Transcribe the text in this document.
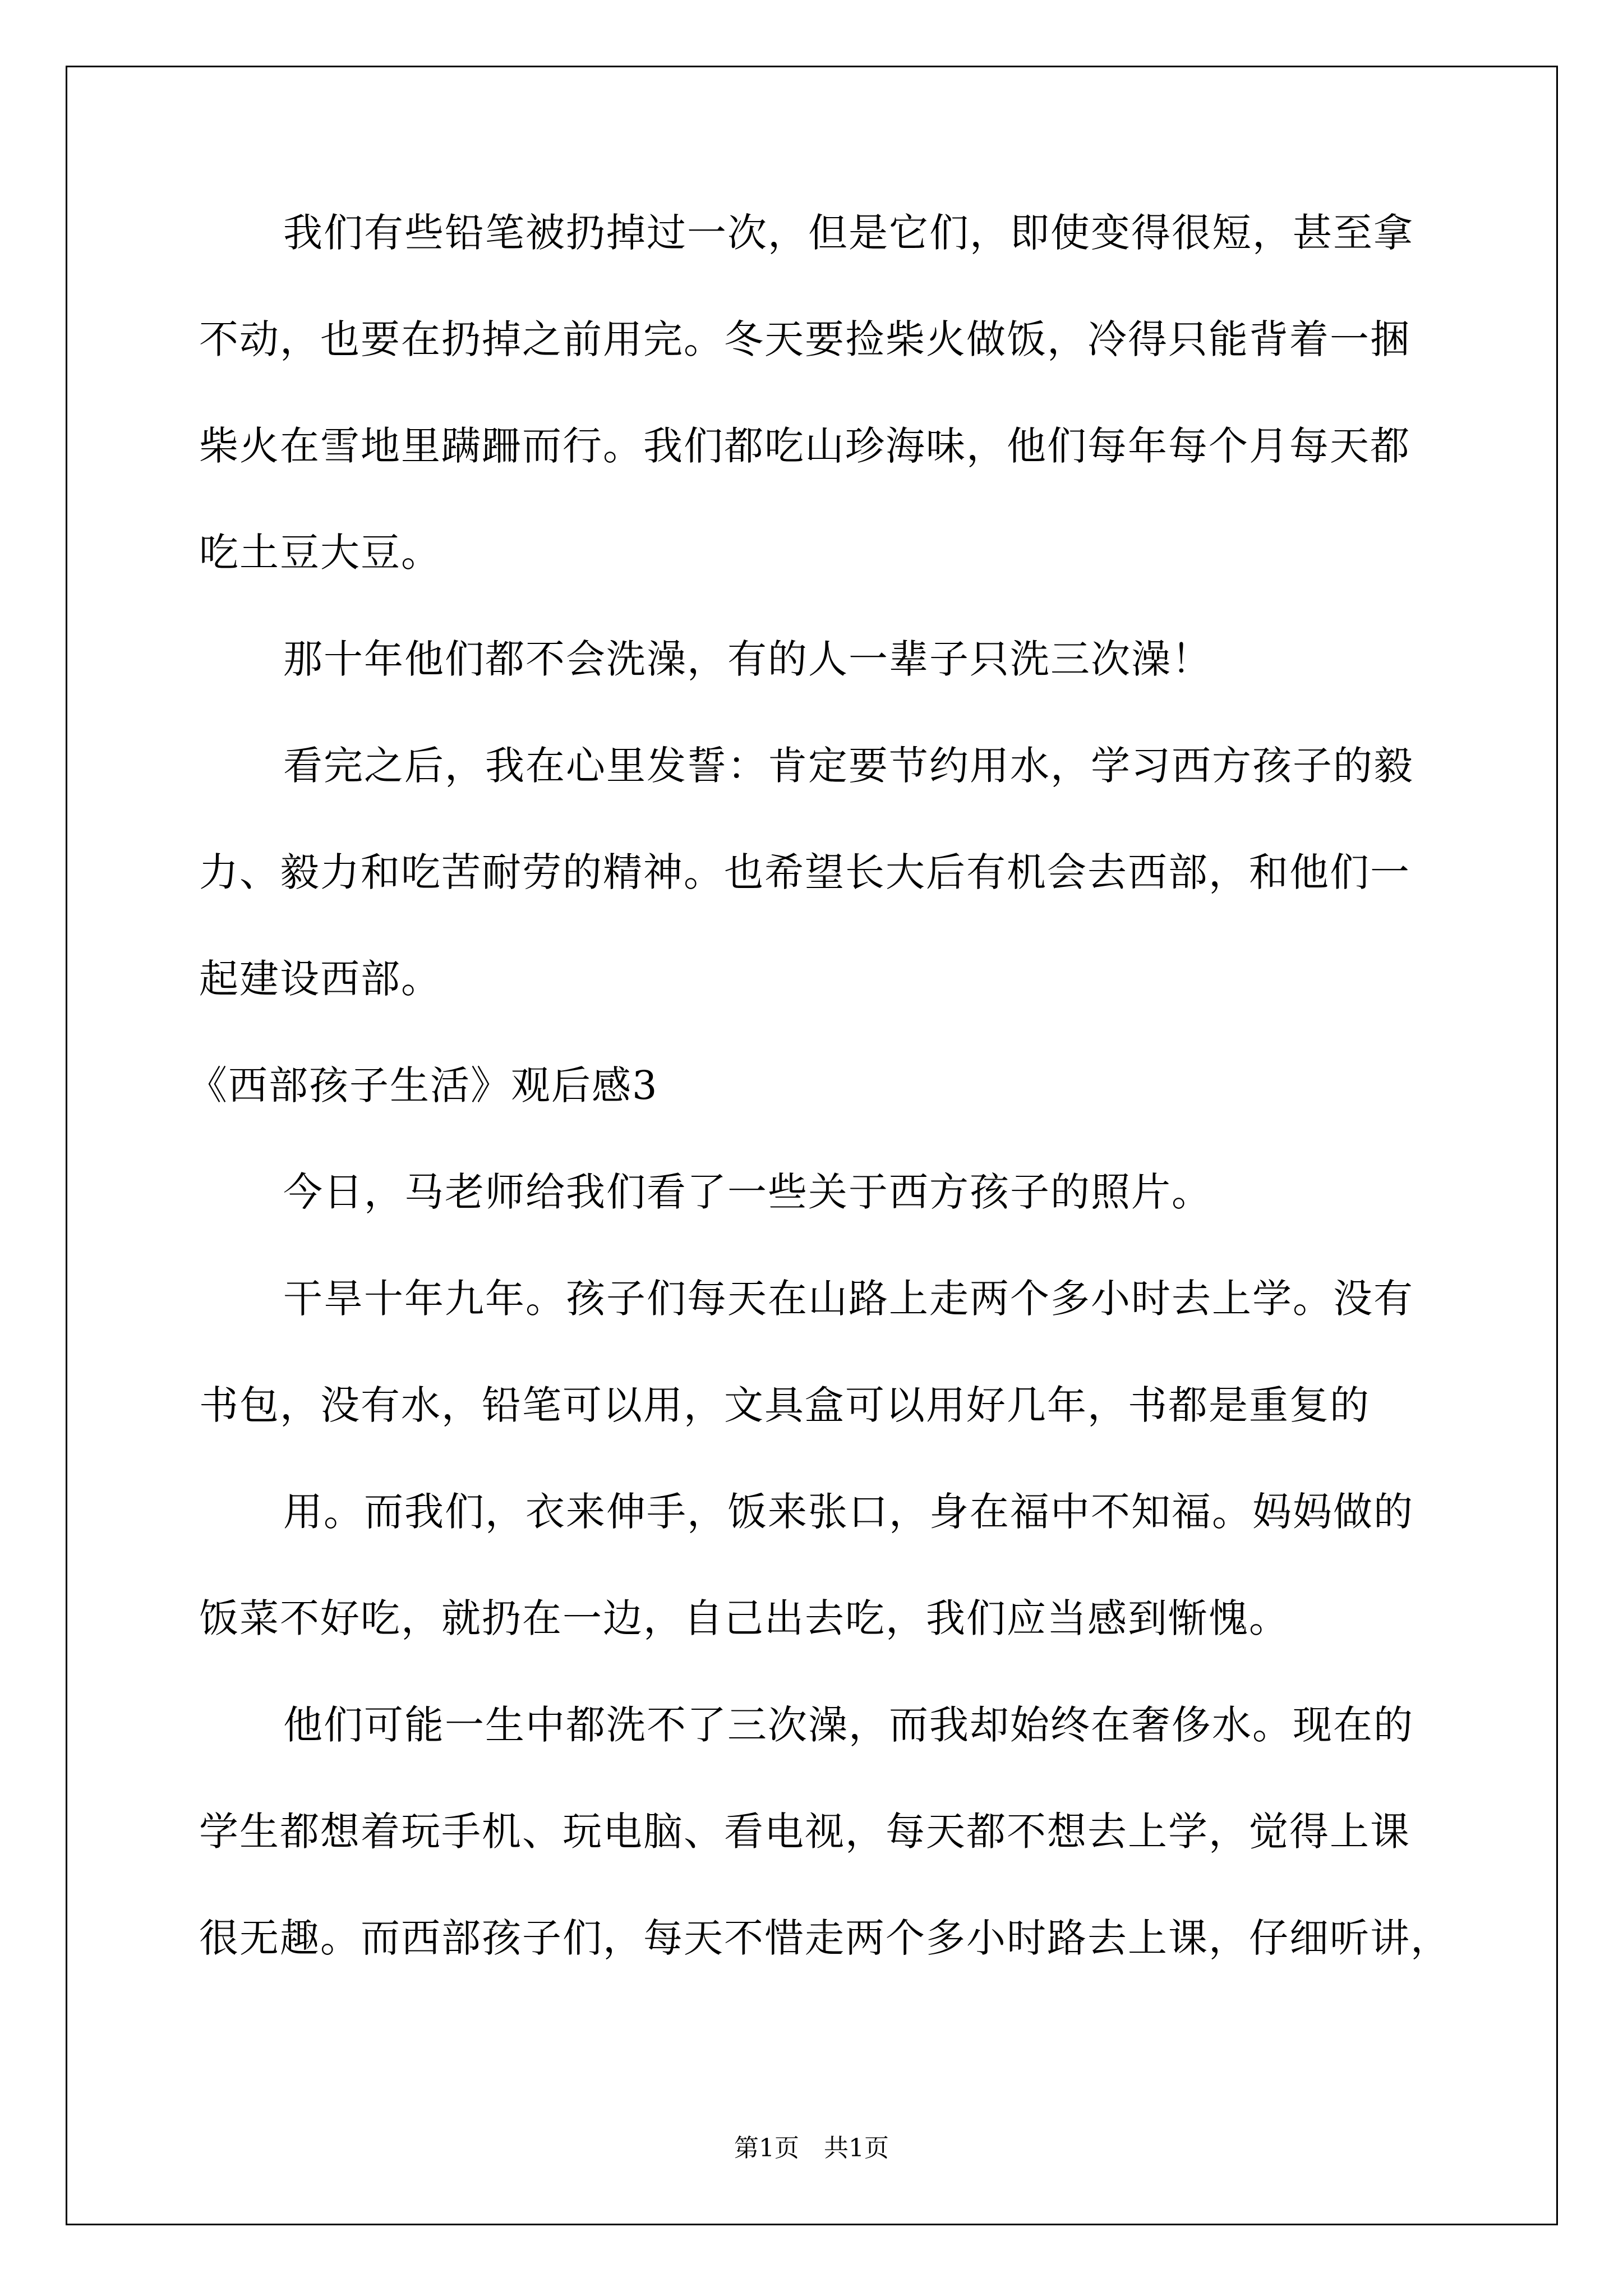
我们有些铅笔被扔掉过一次，但是它们，即使变得很短，甚至拿
不动，也要在扔掉之前用完。冬天要捡柴火做饭，冷得只能背着一捆
柴火在雪地里蹒跚而行。我们都吃山珍海味，他们每年每个月每天都
吃土豆大豆。
那十年他们都不会洗澡，有的人一辈子只洗三次澡！
看完之后，我在心里发誓：肯定要节约用水，学习西方孩子的毅
力、毅力和吃苦耐劳的精神。也希望长大后有机会去西部，和他们一
起建设西部。
《西部孩子生活》观后感3
今日，马老师给我们看了一些关于西方孩子的照片。
干旱十年九年。孩子们每天在山路上走两个多小时去上学。没有
书包，没有水，铅笔可以用，文具盒可以用好几年，书都是重复的
用。而我们，衣来伸手，饭来张口，身在福中不知福。妈妈做的
饭菜不好吃，就扔在一边，自己出去吃，我们应当感到惭愧。
他们可能一生中都洗不了三次澡，而我却始终在奢侈水。现在的
学生都想着玩手机、玩电脑、看电视，每天都不想去上学，觉得上课
很无趣。而西部孩子们，每天不惜走两个多小时路去上课，仔细听讲，
第1页　共1页
